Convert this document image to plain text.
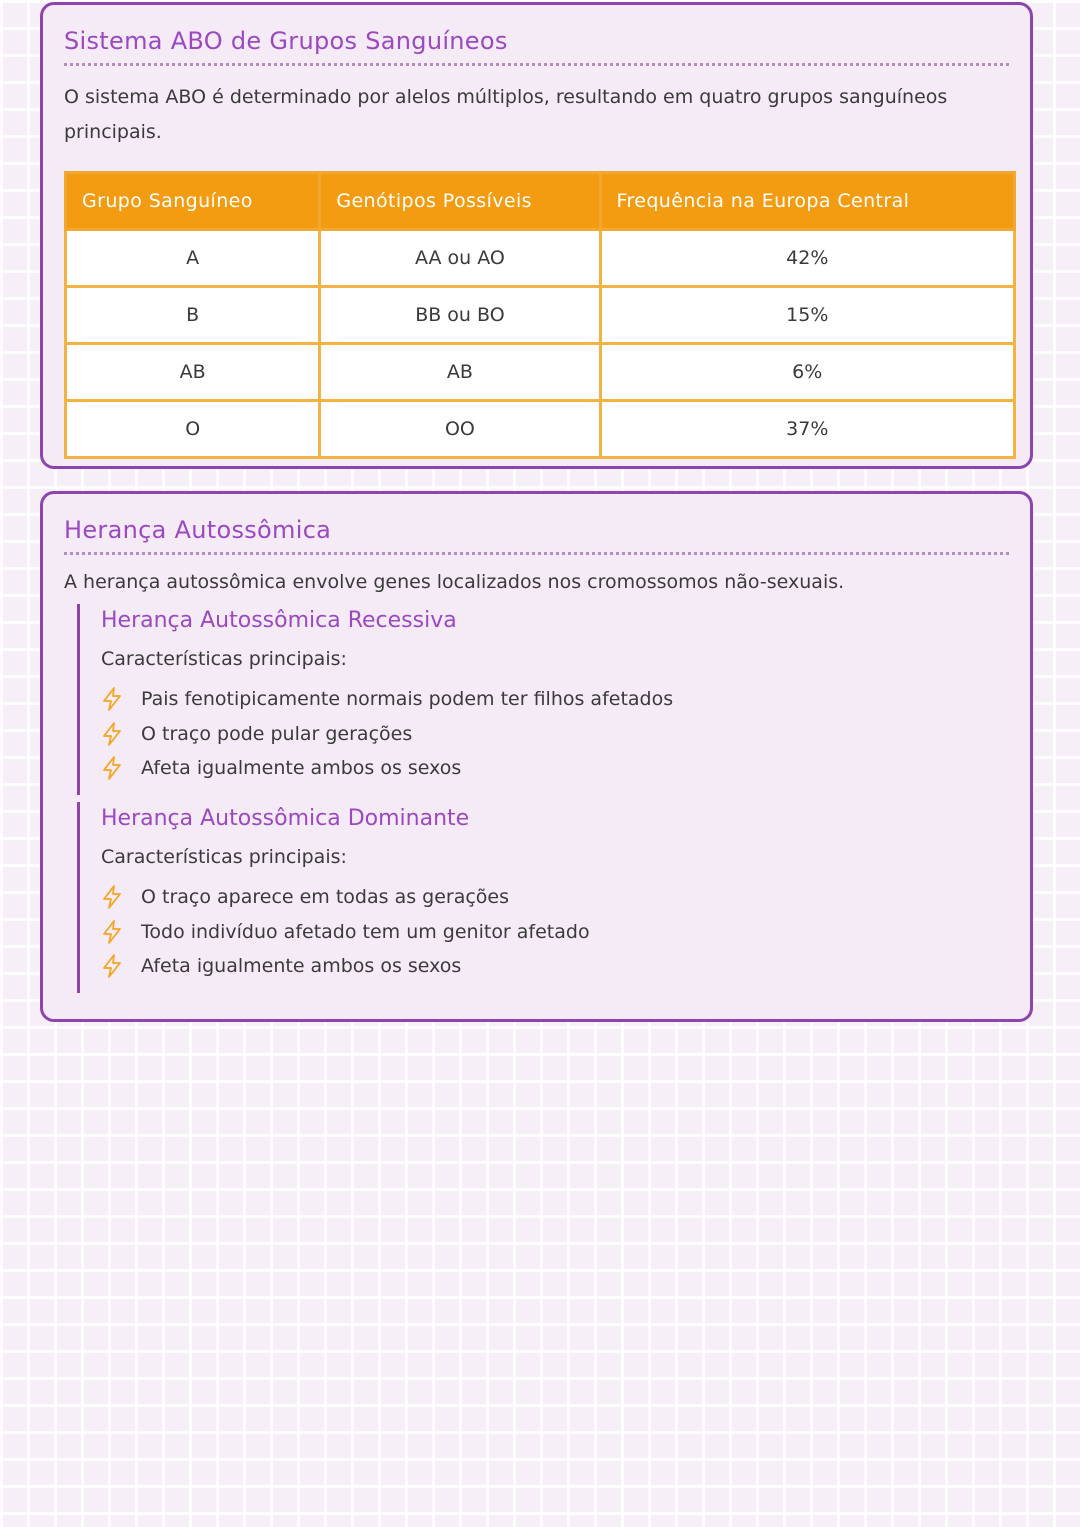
Sistema ABO de Grupos Sanguíneos

O sistema ABO é determinado por alelos múltiplos, resultando em quatro grupos sanguíneos principais.

Grupo Sanguíneo	Genótipos Possíveis	Frequência na Europa Central
A	AA ou AO	42%
B	BB ou BO	15%
AB	AB	6%
O	OO	37%
Herança Autossômica

A herança autossômica envolve genes localizados nos cromossomos não-sexuais.

Herança Autossômica Recessiva

Características principais:

Pais fenotipicamente normais podem ter filhos afetados
O traço pode pular gerações
Afeta igualmente ambos os sexos
Herança Autossômica Dominante

Características principais:

O traço aparece em todas as gerações
Todo indivíduo afetado tem um genitor afetado
Afeta igualmente ambos os sexos
